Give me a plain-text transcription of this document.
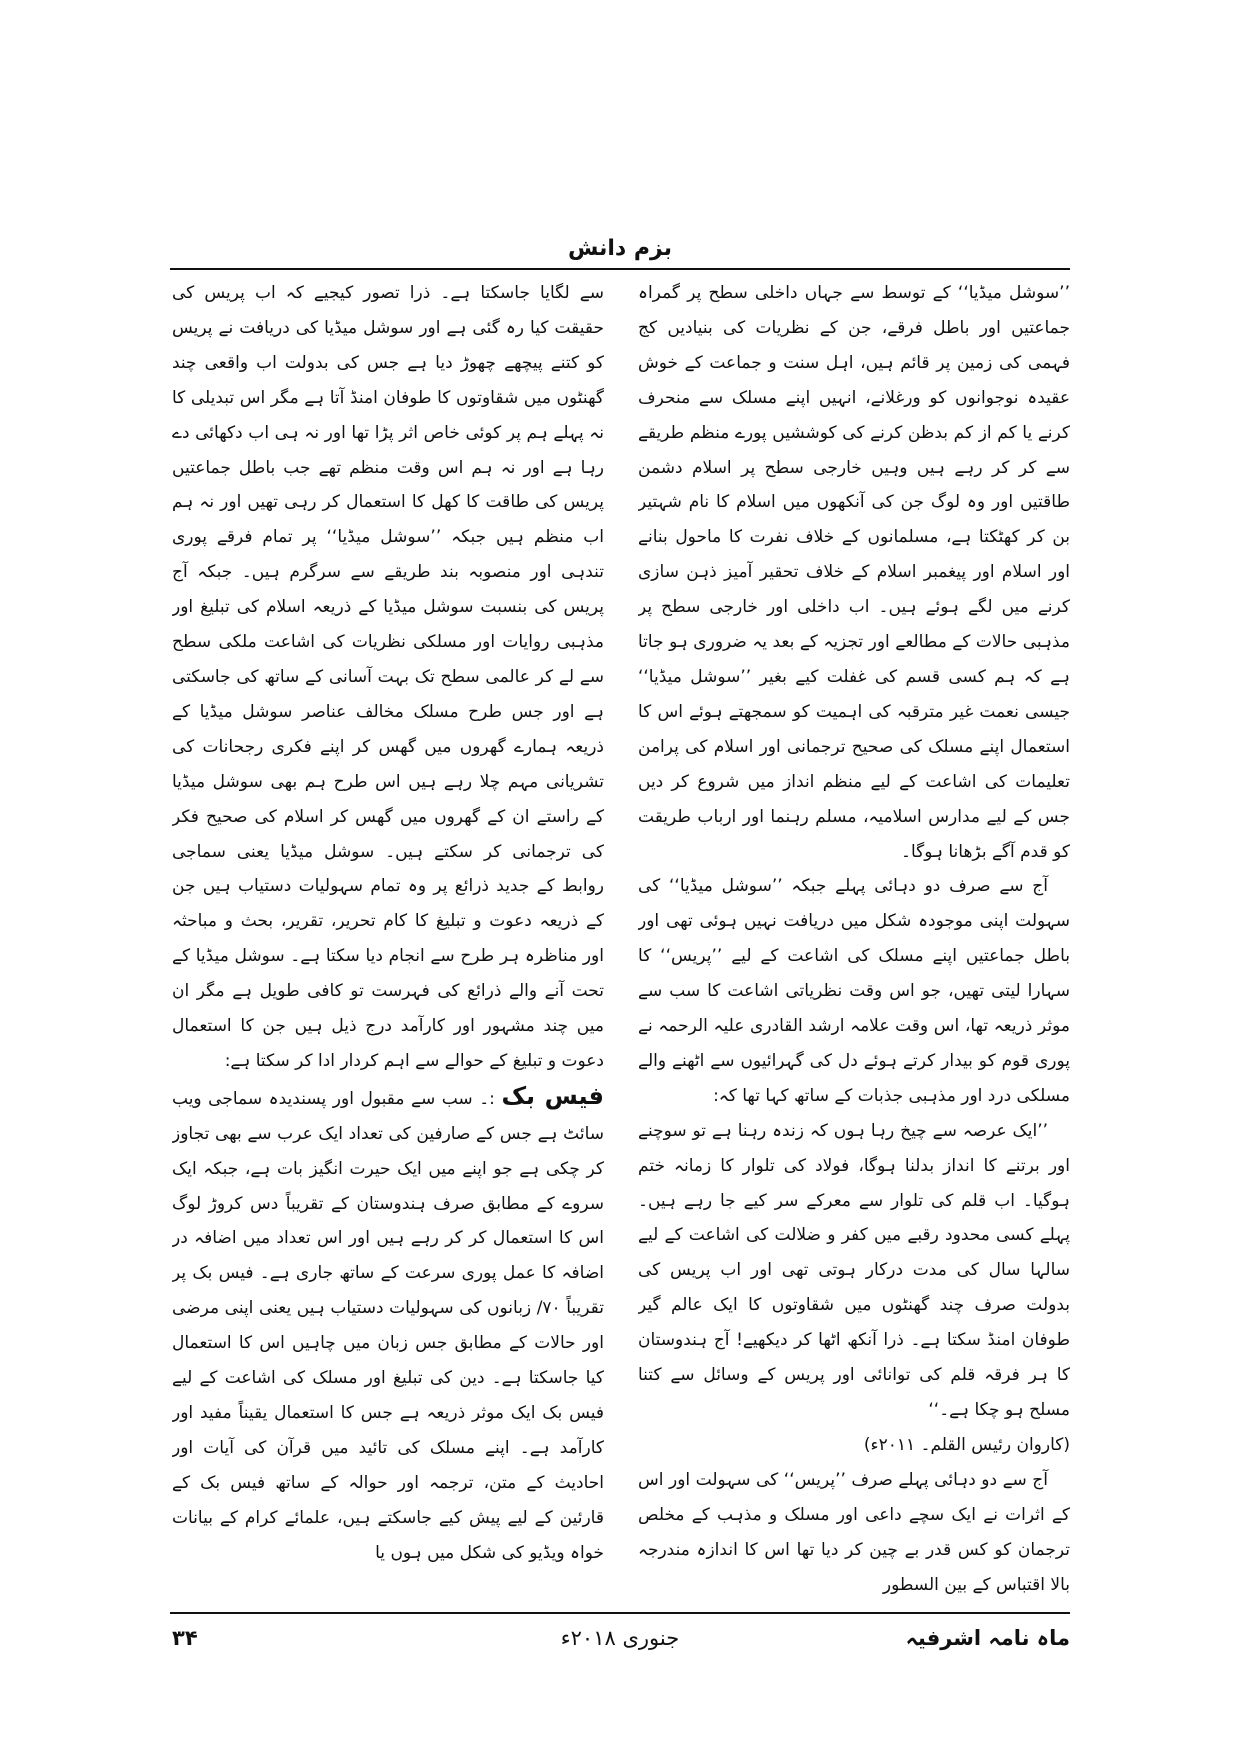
بزم دانش

’’سوشل میڈیا‘‘ کے توسط سے جہاں داخلی سطح پر گمراہ جماعتیں اور باطل فرقے، جن کے نظریات کی بنیادیں کج فہمی کی زمین پر قائم ہیں، اہل سنت و جماعت کے خوش عقیدہ نوجوانوں کو ورغلانے، انہیں اپنے مسلک سے منحرف کرنے یا کم از کم بدظن کرنے کی کوششیں پورے منظم طریقے سے کر کر رہے ہیں وہیں خارجی سطح پر اسلام دشمن طاقتیں اور وہ لوگ جن کی آنکھوں میں اسلام کا نام شہتیر بن کر کھٹکتا ہے، مسلمانوں کے خلاف نفرت کا ماحول بنانے اور اسلام اور پیغمبر اسلام کے خلاف تحقیر آمیز ذہن سازی کرنے میں لگے ہوئے ہیں۔ اب داخلی اور خارجی سطح پر مذہبی حالات کے مطالعے اور تجزیہ کے بعد یہ ضروری ہو جاتا ہے کہ ہم کسی قسم کی غفلت کیے بغیر ’’سوشل میڈیا‘‘ جیسی نعمت غیر مترقبہ کی اہمیت کو سمجھتے ہوئے اس کا استعمال اپنے مسلک کی صحیح ترجمانی اور اسلام کی پرامن تعلیمات کی اشاعت کے لیے منظم انداز میں شروع کر دیں جس کے لیے مدارس اسلامیہ، مسلم رہنما اور ارباب طریقت کو قدم آگے بڑھانا ہوگا۔

آج سے صرف دو دہائی پہلے جبکہ ’’سوشل میڈیا‘‘ کی سہولت اپنی موجودہ شکل میں دریافت نہیں ہوئی تھی اور باطل جماعتیں اپنے مسلک کی اشاعت کے لیے ’’پریس‘‘ کا سہارا لیتی تھیں، جو اس وقت نظریاتی اشاعت کا سب سے موثر ذریعہ تھا، اس وقت علامہ ارشد القادری علیہ الرحمہ نے پوری قوم کو بیدار کرتے ہوئے دل کی گہرائیوں سے اٹھنے والے مسلکی درد اور مذہبی جذبات کے ساتھ کہا تھا کہ:

’’ایک عرصہ سے چیخ رہا ہوں کہ زندہ رہنا ہے تو سوچنے اور برتنے کا انداز بدلنا ہوگا، فولاد کی تلوار کا زمانہ ختم ہوگیا۔ اب قلم کی تلوار سے معرکے سر کیے جا رہے ہیں۔ پہلے کسی محدود رقبے میں کفر و ضلالت کی اشاعت کے لیے سالہا سال کی مدت درکار ہوتی تھی اور اب پریس کی بدولت صرف چند گھنٹوں میں شقاوتوں کا ایک عالم گیر طوفان امنڈ سکتا ہے۔ ذرا آنکھ اٹھا کر دیکھیے! آج ہندوستان کا ہر فرقہ قلم کی توانائی اور پریس کے وسائل سے کتنا مسلح ہو چکا ہے۔‘‘

(کاروان رئیس القلم۔ ۲۰۱۱ء)

آج سے دو دہائی پہلے صرف ’’پریس‘‘ کی سہولت اور اس کے اثرات نے ایک سچے داعی اور مسلک و مذہب کے مخلص ترجمان کو کس قدر بے چین کر دیا تھا اس کا اندازہ مندرجہ بالا اقتباس کے بین السطور

سے لگایا جاسکتا ہے۔ ذرا تصور کیجیے کہ اب پریس کی حقیقت کیا رہ گئی ہے اور سوشل میڈیا کی دریافت نے پریس کو کتنے پیچھے چھوڑ دیا ہے جس کی بدولت اب واقعی چند گھنٹوں میں شقاوتوں کا طوفان امنڈ آتا ہے مگر اس تبدیلی کا نہ پہلے ہم پر کوئی خاص اثر پڑا تھا اور نہ ہی اب دکھائی دے رہا ہے اور نہ ہم اس وقت منظم تھے جب باطل جماعتیں پریس کی طاقت کا کھل کا استعمال کر رہی تھیں اور نہ ہم اب منظم ہیں جبکہ ’’سوشل میڈیا‘‘ پر تمام فرقے پوری تندہی اور منصوبہ بند طریقے سے سرگرم ہیں۔ جبکہ آج پریس کی بنسبت سوشل میڈیا کے ذریعہ اسلام کی تبلیغ اور مذہبی روایات اور مسلکی نظریات کی اشاعت ملکی سطح سے لے کر عالمی سطح تک بہت آسانی کے ساتھ کی جاسکتی ہے اور جس طرح مسلک مخالف عناصر سوشل میڈیا کے ذریعہ ہمارے گھروں میں گھس کر اپنے فکری رجحانات کی تشریانی مہم چلا رہے ہیں اس طرح ہم بھی سوشل میڈیا کے راستے ان کے گھروں میں گھس کر اسلام کی صحیح فکر کی ترجمانی کر سکتے ہیں۔ سوشل میڈیا یعنی سماجی روابط کے جدید ذرائع پر وہ تمام سہولیات دستیاب ہیں جن کے ذریعہ دعوت و تبلیغ کا کام تحریر، تقریر، بحث و مباحثہ اور مناظرہ ہر طرح سے انجام دیا سکتا ہے۔ سوشل میڈیا کے تحت آنے والے ذرائع کی فہرست تو کافی طویل ہے مگر ان میں چند مشہور اور کارآمد درج ذیل ہیں جن کا استعمال دعوت و تبلیغ کے حوالے سے اہم کردار ادا کر سکتا ہے:

فیس بک :۔ سب سے مقبول اور پسندیدہ سماجی ویب سائٹ ہے جس کے صارفین کی تعداد ایک عرب سے بھی تجاوز کر چکی ہے جو اپنے میں ایک حیرت انگیز بات ہے، جبکہ ایک سروے کے مطابق صرف ہندوستان کے تقریباً دس کروڑ لوگ اس کا استعمال کر کر رہے ہیں اور اس تعداد میں اضافہ در اضافہ کا عمل پوری سرعت کے ساتھ جاری ہے۔ فیس بک پر تقریباً ۷۰/ زبانوں کی سہولیات دستیاب ہیں یعنی اپنی مرضی اور حالات کے مطابق جس زبان میں چاہیں اس کا استعمال کیا جاسکتا ہے۔ دین کی تبلیغ اور مسلک کی اشاعت کے لیے فیس بک ایک موثر ذریعہ ہے جس کا استعمال یقیناً مفید اور کارآمد ہے۔ اپنے مسلک کی تائید میں قرآن کی آیات اور احادیث کے متن، ترجمہ اور حوالہ کے ساتھ فیس بک کے قارئین کے لیے پیش کیے جاسکتے ہیں، علمائے کرام کے بیانات خواہ ویڈیو کی شکل میں ہوں یا

ماہ نامہ اشرفیہ
جنوری ۲۰۱۸ء
۳۴
